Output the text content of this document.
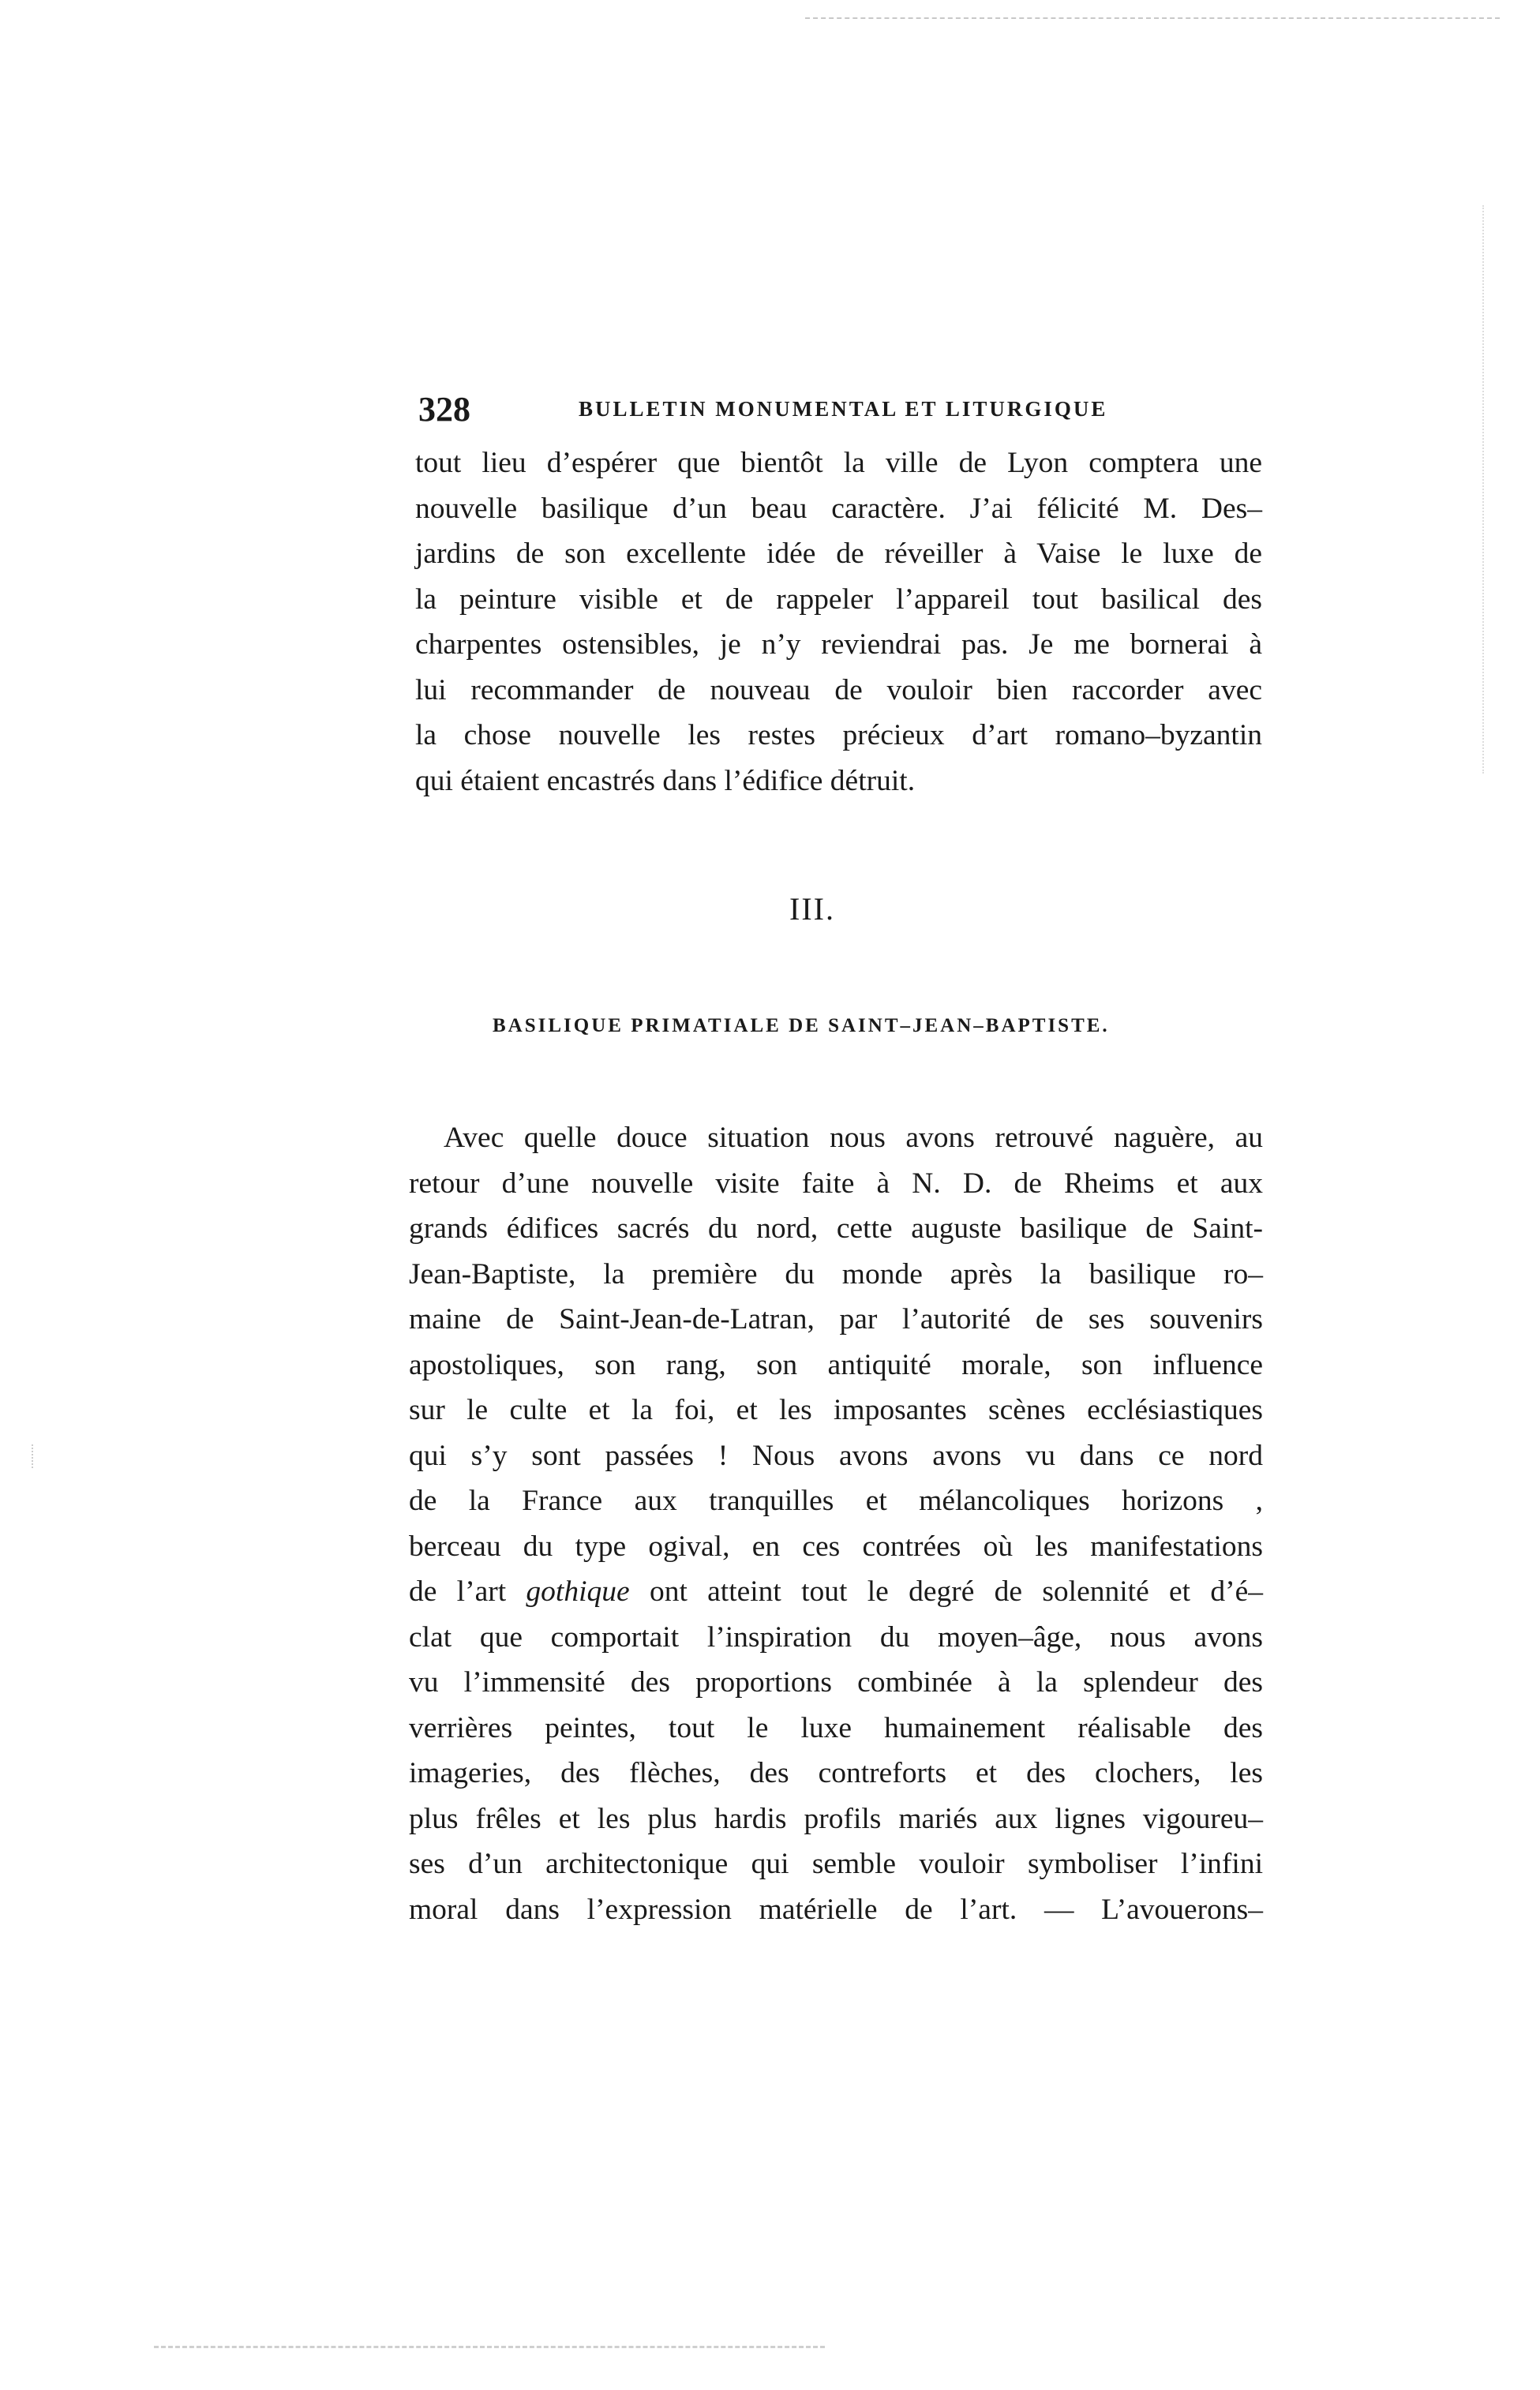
328	BULLETIN MONUMENTAL ET LITURGIQUE
tout lieu d’espérer que bientôt la ville de Lyon comptera une
nouvelle basilique d’un beau caractère. J’ai félicité M. Des–
jardins de son excellente idée de réveiller à Vaise le luxe de
la peinture visible et de rappeler l’appareil tout basilical des
charpentes ostensibles, je n’y reviendrai pas. Je me bornerai à
lui recommander de nouveau de vouloir bien raccorder avec
la chose nouvelle les restes précieux d’art romano–byzantin
qui étaient encastrés dans l’édifice détruit.
III.
BASILIQUE PRIMATIALE DE SAINT–JEAN–BAPTISTE.
Avec quelle douce situation nous avons retrouvé naguère, au
retour d’une nouvelle visite faite à N. D. de Rheims et aux
grands édifices sacrés du nord, cette auguste basilique de Saint-
Jean-Baptiste, la première du monde après la basilique ro–
maine de Saint-Jean-de-Latran, par l’autorité de ses souvenirs
apostoliques, son rang, son antiquité morale, son influence
sur le culte et la foi, et les imposantes scènes ecclésiastiques
qui s’y sont passées ! Nous avons avons vu dans ce nord
de la France aux tranquilles et mélancoliques horizons ,
berceau du type ogival, en ces contrées où les manifestations
de l’art gothique ont atteint tout le degré de solennité et d’é–
clat que comportait l’inspiration du moyen–âge, nous avons
vu l’immensité des proportions combinée à la splendeur des
verrières peintes, tout le luxe humainement réalisable des
imageries, des flèches, des contreforts et des clochers, les
plus frêles et les plus hardis profils mariés aux lignes vigoureu–
ses d’un architectonique qui semble vouloir symboliser l’infini
moral dans l’expression matérielle de l’art. — L’avouerons–
